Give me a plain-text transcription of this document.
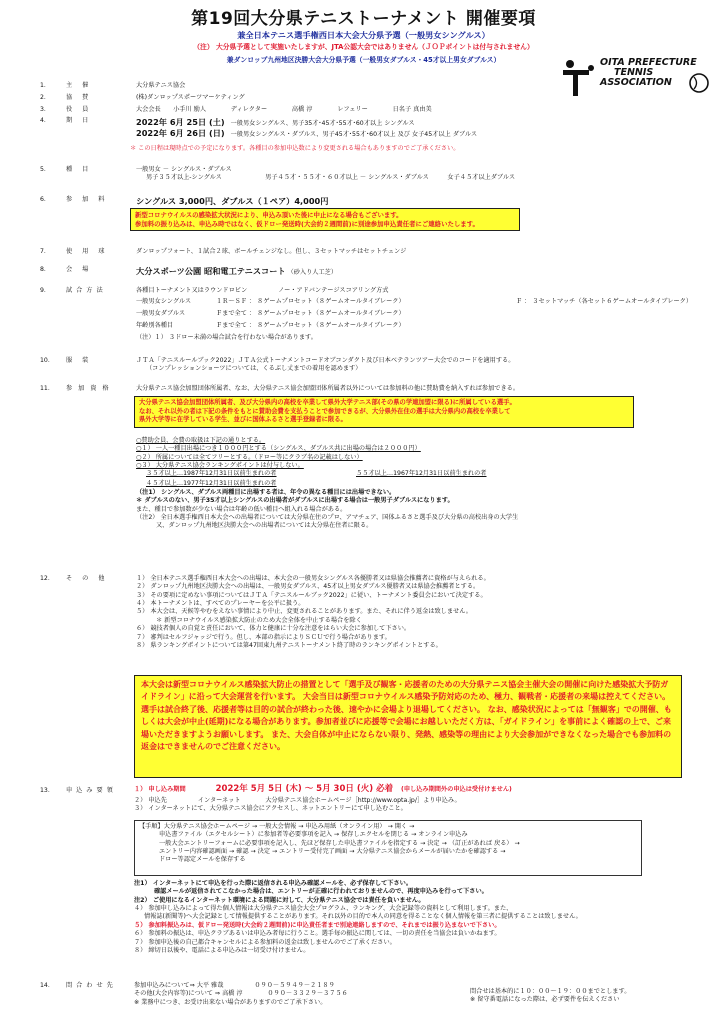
第19回大分県テニストーナメント 開催要項
兼全日本テニス選手権西日本大会大分県予選（一般男女シングルス）
（注） 大分県予選として実施いたしますが、JTA公認大会ではありません（ＪＯＰポイントは付与されません）
兼ダンロップ九州地区決勝大会大分県予選（一般男女ダブルス・45才以上男女ダブルス）	OITA PREFECTURE
TENNIS
ASSOCIATION
1．	主 催	大分県テニス協会
2．	協 賛	(株)ダンロップスポーツマーケティング
3．	役 員	大会会長　　小手川 励人　　　　ディレクター　　　　高橋 淳　　　　レフェリー　　　　日名子 真由美
4．	期 日	2022年 6月 25日 (土) 一般男女シングルス、男子35才･45才･55才･60才以上 シングルス
2022年 6月 26日 (日) 一般男女シングルス・ダブルス、男子45才･55才･60才以上 及び 女子45才以上 ダブルス
＊ この日程は現時点での予定になります。各種目の参加申込数により変更される場合もありますのでご了承ください。
5．	種 目	一般男女 － シングルス・ダブルス
男子３５才以上-シングルス　　　　　　　男子４５才・５５才・６０才以上 － シングルス・ダブルス　　　女子４５才以上ダブルス
6．	参 加 料	シングルス 3,000円、ダブルス（１ペア）4,000円
新型コロナウイルスの感染拡大状況により、申込み頂いた後に中止になる場合もございます。
参加料の振り込みは、申込み時ではなく、仮ドロー発送時(大会約２週間前)に別途参加申込責任者にご連絡いたします。
7．	使 用 球	ダンロップフォート、１試合２球、ボールチェンジなし。但し、３セットマッチはセットチェンジ
8．	会 場	大分スポーツ公園 昭和電工テニスコート （砂入り人工芝）
9．	試 合 方 法	各種目トーナメント又はラウンドロビン　　　　　ノー・アドバンテージスコアリング方式
一般男女シングルス	１Ｒ～ＳＦ ： ８ゲームプロセット（８ゲームオールタイブレーク）	Ｆ ： ３セットマッチ（各セット６ゲームオールタイブレーク）
一般男女ダブルス	Ｆまで全て ： ８ゲームプロセット（８ゲームオールタイブレーク）
年齢別各種目	Ｆまで全て ： ８ゲームプロセット（８ゲームオールタイブレーク）
（注）１） ３ドロー未満の場合試合を行わない場合があります。
10．	服 装	ＪＴＡ「テニスルールブック2022」ＪＴＡ公式トーナメントコードオブコンダクト及び日本ベテランツアー大会でのコードを適用する。
（コンプレッションショーツについては、くるぶし丈までの着用を認めます）
11．	参 加 資 格	大分県テニス協会加盟団体所属者、なお、大分県テニス協会加盟団体所属者以外については参加料の他に賛助費を納入すれば参加できる。
大分県テニス協会加盟団体所属者、及び大分県内の高校を卒業して県外大学テニス部(その県の学連加盟に限る)に所属している選手。
なお、それ以外の者は下記の条件をもとに賛助会費を支払うことで参加できるが、大分県外在住の選手は大分県内の高校を卒業して
県外大学等に在学している学生、並びに国体ふるさと選手登録者に限る。
○賛助会員、会費の取扱は下記の通りとする。
○１） 一人一種目出場につき１０００円とする（シングルス、ダブルス共に出場の場合は２０００円）
○２） 所属については全てフリーとする。（ドロー等にクラブ名の記載はしない）
○３） 大分県テニス協会ランキングポイントは付与しない。
３５才以上…1987年12月31日以前生まれの者	５５才以上…1967年12月31日以前生まれの者
４５才以上…1977年12月31日以前生まれの者
（注1） シングルス、ダブルス両種目に出場する者は、年令の異なる種目には出場できない。
＊ ダブルスのない、男子35才以上シングルスの出場者がダブルスに出場する場合は一般男子ダブルスになります。
また、種目で参加数が少ない場合は年齢の低い種目へ組入れる場合がある。
（注2） 全日本選手権西日本大会への出場者については大分県在住のプロ、アマチュア、国体ふるさと選手及び大分県の高校出身の大学生
又、ダンロップ九州地区決勝大会への出場者については大分県在住者に限る。
12．	そ の 他	１） 全日本テニス選手権西日本大会への出場は、本大会の一般男女シングルス各優勝者又は県協会推薦者に資格が与えられる。
２） ダンロップ九州地区決勝大会への出場は、一般男女ダブルス、45才以上男女ダブルス優勝者又は県協会推薦者とする。
３） その要項に定めない事項についてはＪＴＡ「テニスルールブック2022」に従い、トーナメント委員会において決定する。
４） 本トーナメントは、すべてのプレーヤーを公平に扱う。
５） 本大会は、天候等やむをえない事情により中止、変更されることがあります。また、それに伴う返金は致しません。
＊ 新型コロナウイルス感染拡大防止のため大会全体を中止する場合を除く
６） 競技者個人の自覚と責任において、体力と健康に十分な注意をはらい大会に参加して下さい。
７） 審判はセルフジャッジで行う。但し、本部の指示によりＳＣＵで行う場合があります。
８） 県ランキングポイントについては第47回東九州テニストーナメント終了時のランキングポイントとする。
本大会は新型コロナウイルス感染拡大防止の措置として「選手及び観客・応援者のための大分県テニス協会主催大会の開催に向けた感染拡大予防ガイドライン」に沿って大会運営を行います。 大会当日は新型コロナウイルス感染予防対応のため、極力、観戦者・応援者の来場は控えてください。 選手は試合終了後、応援者等は目的の試合が終わった後、速やかに会場より退場してください。 なお、感染状況によっては「無観客」での開催、もしくは大会が中止(延期)になる場合があります。参加者並びに応援等で会場にお越しいただく方は、「ガイドライン」を事前によく確認の上で、ご来場いただきますようお願いします。 また、大会自体が中止にならない限り、発熱、感染等の理由により大会参加ができなくなった場合でも参加料の返金はできませんのでご注意ください。
13．	申 込 み 要 領	１） 申し込み期間	2022年 5月 5日 (木) ～ 5月 30日 (火) 必着 (申し込み期間外の申込は受付けません)
２） 申込先　　　　　インターネット　　　　大分県テニス協会ホームページ［http://www.opta.jp/］より申込み。
３） インターネットにて、大分県テニス協会にアクセスし、ネットエントリーにて申し込むこと。
【手順】大分県テニス協会ホームページ → 一般大会情報 → 申込み用紙（オンライン用） → 開く →
申込書ファイル（エクセルシート）に参加者等必要事項を記入 → 保存しエクセルを閉じる → オンライン申込み
一般大会エントリーフォームに必要事項を記入し、先ほど保存した申込書ファイルを指定する → 決定 → （訂正があれば 戻る） →
エントリー内容確認画面 → 確認 → 決定 → エントリー受付完了画面 → 大分県テニス協会からメールが届いたかを確認する →
ドロー等認定メールを保存する
注1） インターネットにて申込を行った際に返信される申込み確認メールを、必ず保存して下さい。
確認メールが返信されてこなかった場合は、エントリーが正確に行われておりませんので、再度申込みを行って下さい。
注2） ご使用になるインターネット環境による問題に対して、大分県テニス協会では責任を負いません。
４） 参加申し込みによって得た個人情報は大分県テニス協会大会プログラム、ランキング、大会記録等の資料として利用します。また、
情報誌(新聞等)へ大会記録として情報提供することがあります。それ以外の目的で本人の同意を得ることなく個人情報を第三者に提供することは致しません。
５） 参加料振込みは、仮ドロー発送時(大会約２週間前)に申込責任者まで別途連絡しますので、それまでは振り込まないで下さい。
６） 参加料の振込は、申込クラブあるいは申込み者毎に行うこと。選手毎の振込に関しては、一切の責任を当協会は負いかねます。
７） 参加申込後の自己都合キャンセルによる参加料の返金は致しませんのでご了承ください。
８） 締切日以後や、電話による申込みは一切受け付けません。
14．	問 合 わ せ 先	参加申込みについて⇒ 大平 雅哉　　　　　０９０－５９４９－２１８９
その他(大会内容等)について ⇒ 高橋 淳　　　　０９０－３３２９－３７５６
※ 業務中につき、お受け出来ない場合がありますのでご了承下さい。
問合せは基本的に１０：００～１９：００までとします。
※ 留守番電話になった際は、必ず要件を伝えください
